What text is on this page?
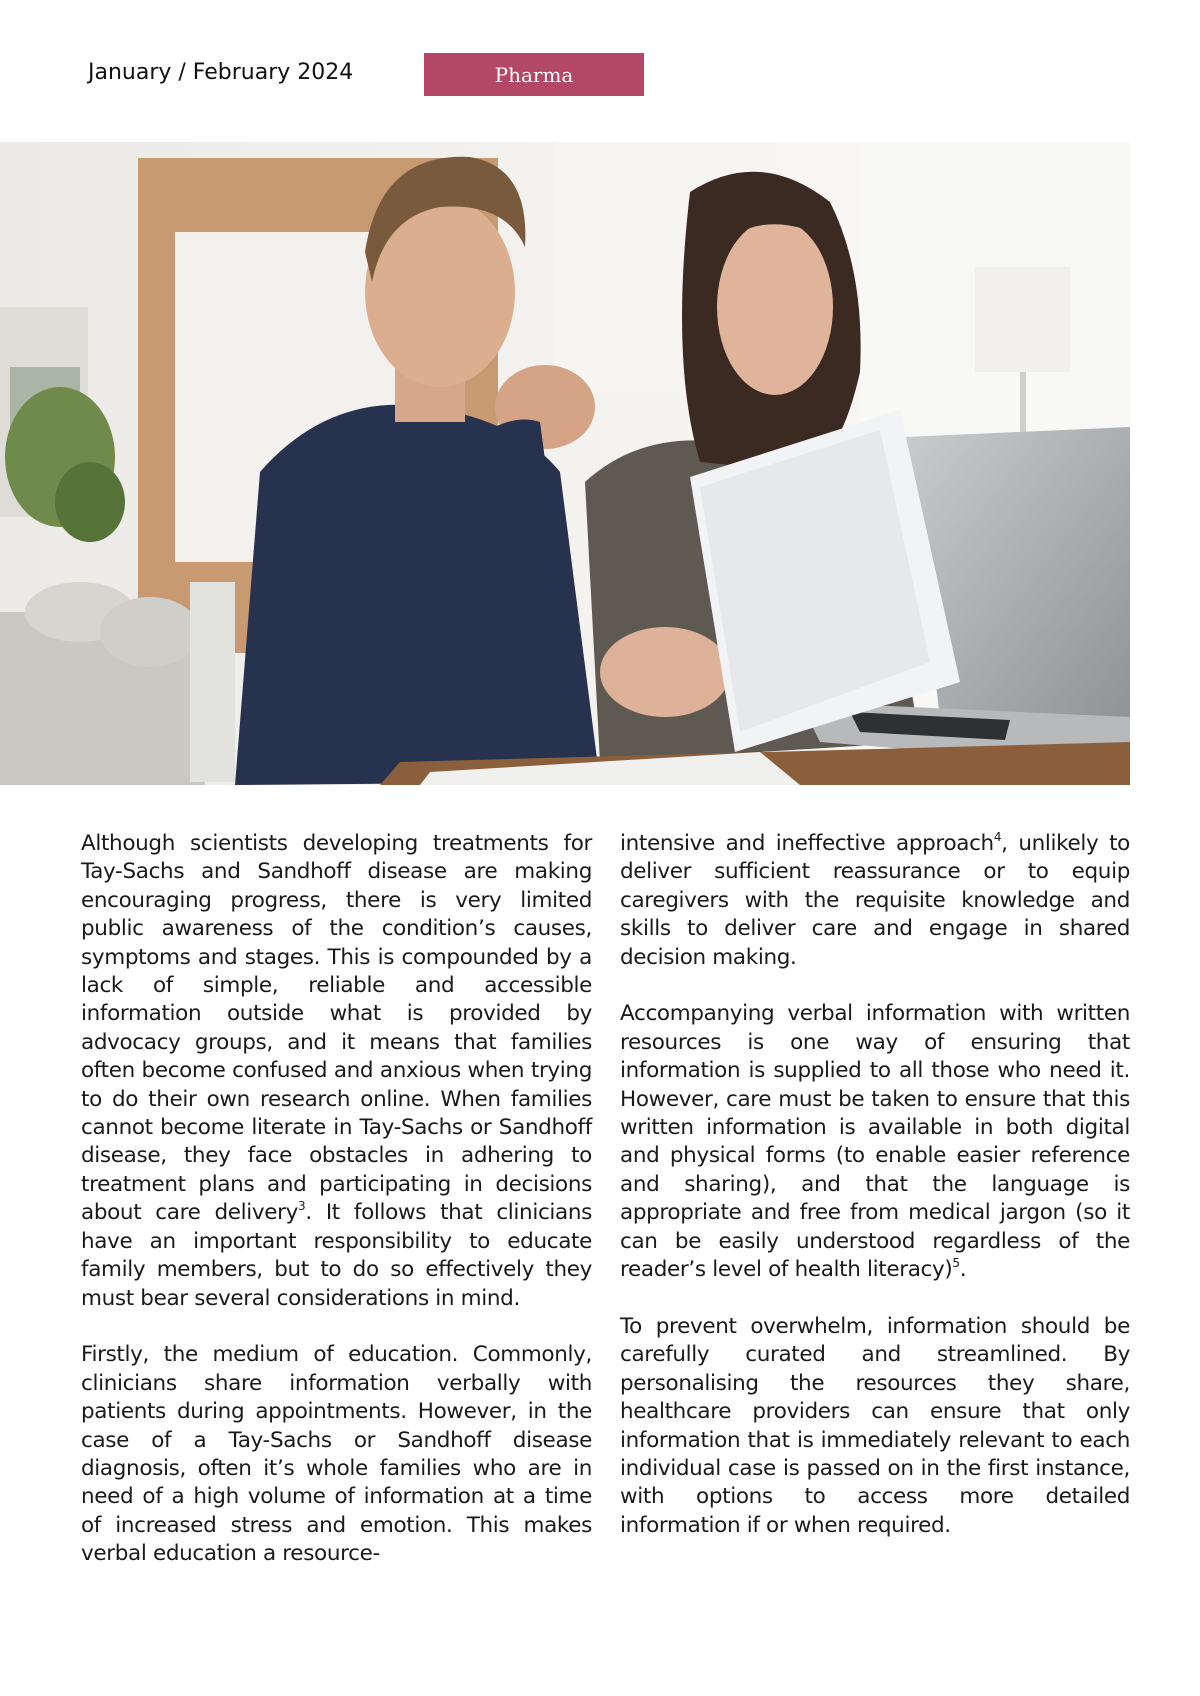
January / February 2024	Pharma

Although scientists developing treatments for Tay-Sachs and Sandhoff disease are making encouraging progress, there is very limited public awareness of the condition’s causes, symptoms and stages. This is compounded by a lack of simple, reliable and accessible information outside what is provided by advocacy groups, and it means that families often become confused and anxious when trying to do their own research online. When families cannot become literate in Tay-Sachs or Sandhoff disease, they face obstacles in adhering to treatment plans and participating in decisions about care delivery$^3$. It follows that clinicians have an important responsibility to educate family members, but to do so effectively they must bear several considerations in mind.

Firstly, the medium of education. Commonly, clinicians share information verbally with patients during appointments. However, in the case of a Tay-Sachs or Sandhoff disease diagnosis, often it’s whole families who are in need of a high volume of information at a time of increased stress and emotion. This makes verbal education a resource-

intensive and ineffective approach$^4$, unlikely to deliver sufficient reassurance or to equip caregivers with the requisite knowledge and skills to deliver care and engage in shared decision making.

Accompanying verbal information with written resources is one way of ensuring that information is supplied to all those who need it. However, care must be taken to ensure that this written information is available in both digital and physical forms (to enable easier reference and sharing), and that the language is appropriate and free from medical jargon (so it can be easily understood regardless of the reader’s level of health literacy)$^5$.

To prevent overwhelm, information should be carefully curated and streamlined. By personalising the resources they share, healthcare providers can ensure that only information that is immediately relevant to each individual case is passed on in the first instance, with options to access more detailed information if or when required.
